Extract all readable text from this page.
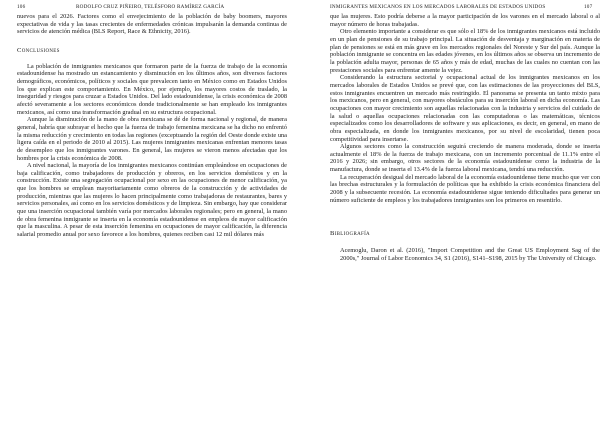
106	RODOLFO CRUZ PIÑEIRO, TELÉSFORO RAMÍREZ GARCÍA

nuevos para el 2026. Factores como el envejecimiento de la población de baby boomers, mayores expectativas de vida y las tasas crecientes de enfermedades crónicas impulsarán la demanda continua de servicios de atención médica (BLS Report, Race & Ethnicity, 2016).

Conclusiones

La población de inmigrantes mexicanos que formaron parte de la fuerza de trabajo de la economía estadounidense ha mostrado un estancamiento y disminución en los últimos años, son diversos factores demográficos, económicos, políticos y sociales que prevalecen tanto en México como en Estados Unidos los que explican este comportamiento. En México, por ejemplo, los mayores costos de traslado, la inseguridad y riesgos para cruzar a Estados Unidos. Del lado estadounidense, la crisis económica de 2008 afectó severamente a los sectores económicos donde tradicionalmente se han empleado los inmigrantes mexicanos, así como una transformación gradual en su estructura ocupacional.

Aunque la disminución de la mano de obra mexicana se dé de forma nacional y regional, de manera general, habría que subrayar el hecho que la fuerza de trabajo femenina mexicana se ha dicho no enfrentó la misma reducción y crecimiento en todas las regiones (exceptuando la región del Oeste donde existe una ligera caída en el periodo de 2010 al 2015). Las mujeres inmigrantes mexicanas enfrentan menores tasas de desempleo que los inmigrantes varones. En general, las mujeres se vieron menos afectadas que los hombres por la crisis económica de 2008.

A nivel nacional, la mayoría de los inmigrantes mexicanos continúan empleándose en ocupaciones de baja calificación, como trabajadores de producción y obreros, en los servicios domésticos y en la construcción. Existe una segregación ocupacional por sexo en las ocupaciones de menor calificación, ya que los hombres se emplean mayoritariamente como obreros de la construcción y de actividades de producción, mientras que las mujeres lo hacen principalmente como trabajadoras de restaurantes, bares y servicios personales, así como en los servicios domésticos y de limpieza. Sin embargo, hay que considerar que una inserción ocupacional también varía por mercados laborales regionales; pero en general, la mano de obra femenina inmigrante se inserta en la economía estadounidense en empleos de mayor calificación que la masculina. A pesar de esta inserción femenina en ocupaciones de mayor calificación, la diferencia salarial promedio anual por sexo favorece a los hombres, quienes reciben casi 12 mil dólares más

INMIGRANTES MEXICANOS EN LOS MERCADOS LABORALES DE ESTADOS UNIDOS	107

que las mujeres. Esto podría deberse a la mayor participación de los varones en el mercado laboral o al mayor número de horas trabajadas.

Otro elemento importante a considerar es que sólo el 18% de los inmigrantes mexicanos está incluido en un plan de pensiones de su trabajo principal. La situación de desventaja y marginación en materia de plan de pensiones se está en más grave en los mercados regionales del Noreste y Sur del país. Aunque la población inmigrante se concentra en las edades jóvenes, en los últimos años se observa un incremento de la población adulta mayor, personas de 65 años y más de edad, muchas de las cuales no cuentan con las prestaciones sociales para enfrentar amente la vejez.

Considerando la estructura sectorial y ocupacional actual de los inmigrantes mexicanos en los mercados laborales de Estados Unidos se prevé que, con las estimaciones de las proyecciones del BLS, estos inmigrantes encuentren un mercado más restringido. El panorama se presenta un tanto mixto para los mexicanos, pero en general, con mayores obstáculos para su inserción laboral en dicha economía. Las ocupaciones con mayor crecimiento son aquellas relacionadas con la industria y servicios del cuidado de la salud o aquellas ocupaciones relacionadas con las computadoras o las matemáticas, técnicos especializados como los desarrolladores de software y sus aplicaciones, es decir, en general, en mano de obra especializada, en donde los inmigrantes mexicanos, por su nivel de escolaridad, tienen poca competitividad para insertarse.

Algunos sectores como la construcción seguirá creciendo de manera moderada, donde se inserta actualmente el 18% de la fuerza de trabajo mexicana, con un incremento porcentual de 11.1% entre el 2016 y 2026; sin embargo, otros sectores de la economía estadounidense como la industria de la manufactura, donde se inserta el 13.4% de la fuerza laboral mexicana, tendrá una reducción.

La recuperación desigual del mercado laboral de la economía estadounidense tiene mucho que ver con las brechas estructurales y la formulación de políticas que ha exhibido la crisis económica financiera del 2008 y la subsecuente recesión. La economía estadounidense sigue teniendo dificultades para generar un número suficiente de empleos y los trabajadores inmigrantes son los primeros en resentirlo.

Bibliografía

Acemoglu, Daron et al. (2016), "Import Competition and the Great US Employment Sag of the 2000s," Journal of Labor Economics 34, S1 (2016), S141–S198, 2015 by The University of Chicago.
